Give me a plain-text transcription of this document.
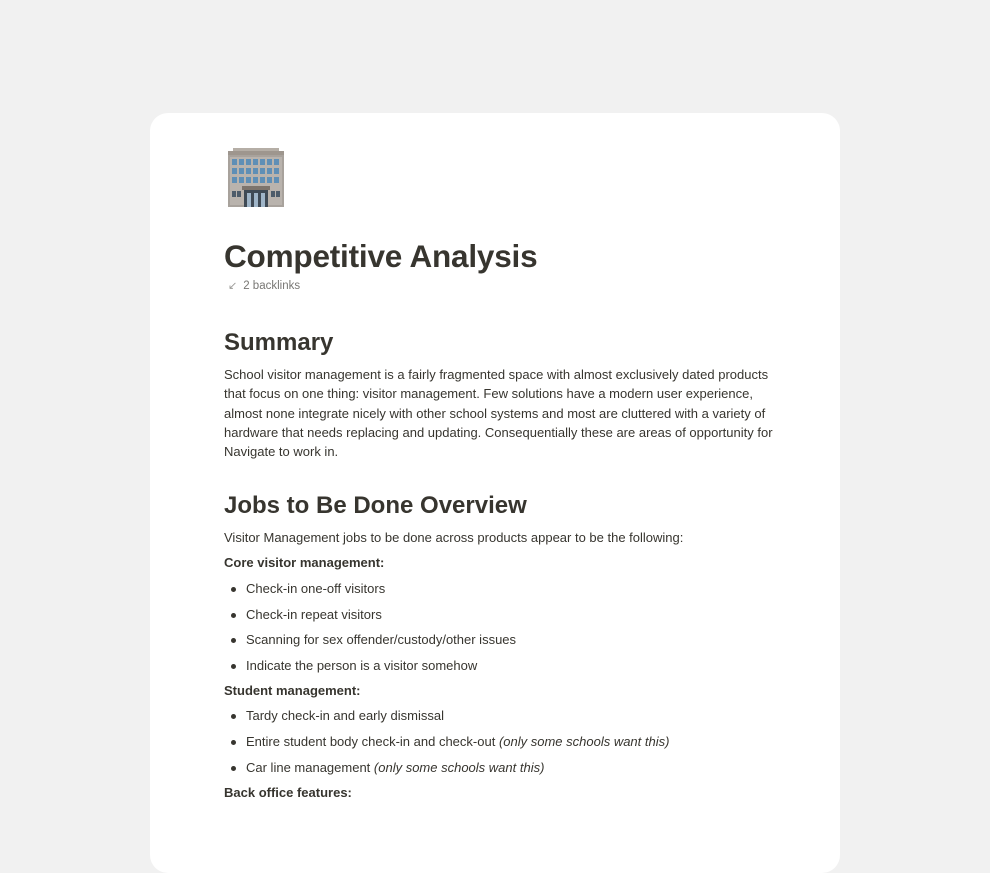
Competitive Analysis
↙ 2 backlinks
Summary

School visitor management is a fairly fragmented space with almost exclusively dated products that focus on one thing: visitor management. Few solutions have a modern user experience, almost none integrate nicely with other school systems and most are cluttered with a variety of hardware that needs replacing and updating. Consequentially these are areas of opportunity for Navigate to work in.

Jobs to Be Done Overview

Visitor Management jobs to be done across products appear to be the following:

Core visitor management:
Check-in one-off visitors
Check-in repeat visitors
Scanning for sex offender/custody/other issues
Indicate the person is a visitor somehow
Student management:
Tardy check-in and early dismissal
Entire student body check-in and check-out (only some schools want this)
Car line management (only some schools want this)
Back office features:
